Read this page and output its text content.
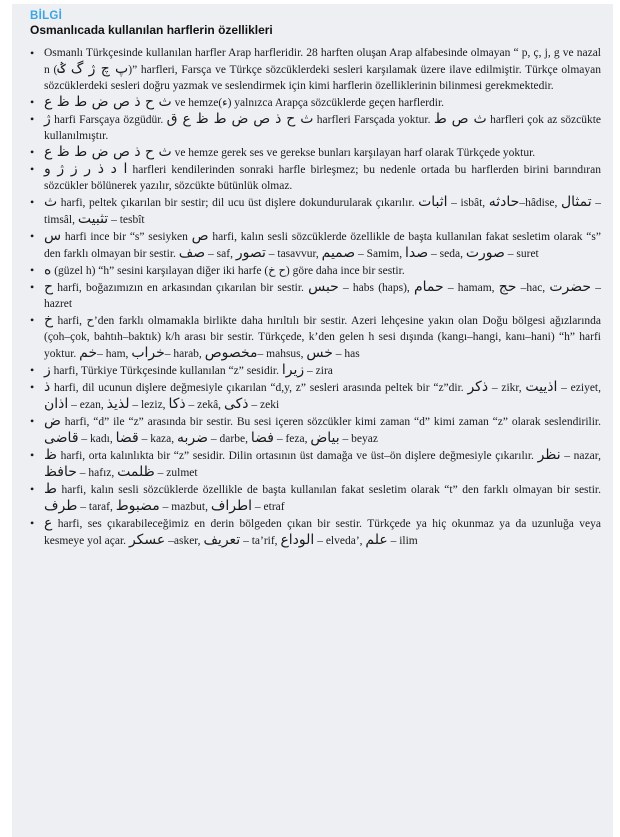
BİLGİ
Osmanlıcada kullanılan harflerin özellikleri
• Osmanlı Türkçesinde kullanılan harfler Arap harfleridir. 28 harften oluşan Arap alfabesinde olmayan “ p, ç, j, g ve nazal n (پ چ ژ گ ݣ)” harfleri, Farsça ve Türkçe sözcüklerdeki sesleri karşılamak üzere ilave edilmiştir. Türkçe olmayan sözcüklerdeki sesleri doğru yazmak ve seslendirmek için kimi harflerin özelliklerinin bilinmesi gerekmektedir.
• ث ح ذ ص ض ط ظ ع ve hemze(ء) yalnızca Arapça sözcüklerde geçen harflerdir.
• ژ harfi Farsçaya özgüdür. ث ح ذ ص ض ط ظ ع ق harfleri Farsçada yoktur. ث ص ط harfleri çok az sözcükte kullanılmıştır.
• ث ح ذ ص ض ط ظ ع ve hemze gerek ses ve gerekse bunları karşılayan harf olarak Türkçede yoktur.
• ا د ذ ر ز ژ و harfleri kendilerinden sonraki harfle birleşmez; bu nedenle ortada bu harflerden birini barındıran sözcükler bölünerek yazılır, sözcükte bütünlük olmaz.
• ث harfi, peltek çıkarılan bir sestir; dil ucu üst dişlere dokundurularak çıkarılır. اثبات – isbât, حادثه–hâdise, تمثال – timsâl, تثبيت – tesbît
• س harfi ince bir “s” sesiyken ص harfi, kalın sesli sözcüklerde özellikle de başta kullanılan fakat sesletim olarak “s” den farklı olmayan bir sestir. صف – saf, تصور – tasavvur, صميم – Samim, صدا – seda, صورت – suret
• ه (güzel h) “h” sesini karşılayan diğer iki harfe (ح خ) göre daha ince bir sestir.
• ح harfi, boğazımızın en arkasından çıkarılan bir sestir. حبس – habs (haps), حمام – hamam, حج –hac, حضرت – hazret
• خ harfi, ح’den farklı olmamakla birlikte daha hırıltılı bir sestir. Azeri lehçesine yakın olan Doğu bölgesi ağızlarında (çoh–çok, bahtıh–baktık) k/h arası bir sestir. Türkçede, k’den gelen h sesi dışında (kangı–hangi, kanı–hani) “h” harfi yoktur. خم– ham, خراب– harab, مخصوص– mahsus, خس – has
• ز harfi, Türkiye Türkçesinde kullanılan “z” sesidir. زيرا – zira
• ذ harfi, dil ucunun dişlere değmesiyle çıkarılan “d,y, z” sesleri arasında peltek bir “z”dir. ذكر – zikr, اذييت – eziyet, اذان – ezan, لذيذ – leziz, ذكا – zekâ, ذكى – zeki
• ض harfi, “d” ile “z” arasında bir sestir. Bu sesi içeren sözcükler kimi zaman “d” kimi zaman “z” olarak seslendirilir. قاضى – kadı, قضا – kaza, ضربه – darbe, فضا – feza, بياض – beyaz
• ظ harfi, orta kalınlıkta bir “z” sesidir. Dilin ortasının üst damağa ve üst–ön dişlere değmesiyle çıkarılır. نظر – nazar, حافظ – hafız, ظلمت – zulmet
• ط harfi, kalın sesli sözcüklerde özellikle de başta kullanılan fakat sesletim olarak “t” den farklı olmayan bir sestir. طرف – taraf, مضبوط – mazbut, اطراف – etraf
• ع harfi, ses çıkarabileceğimiz en derin bölgeden çıkan bir sestir. Türkçede ya hiç okunmaz ya da uzunluğa veya kesmeye yol açar. عسكر –asker, تعريف – ta’rif, الوداع – elveda’, علم – ilim
